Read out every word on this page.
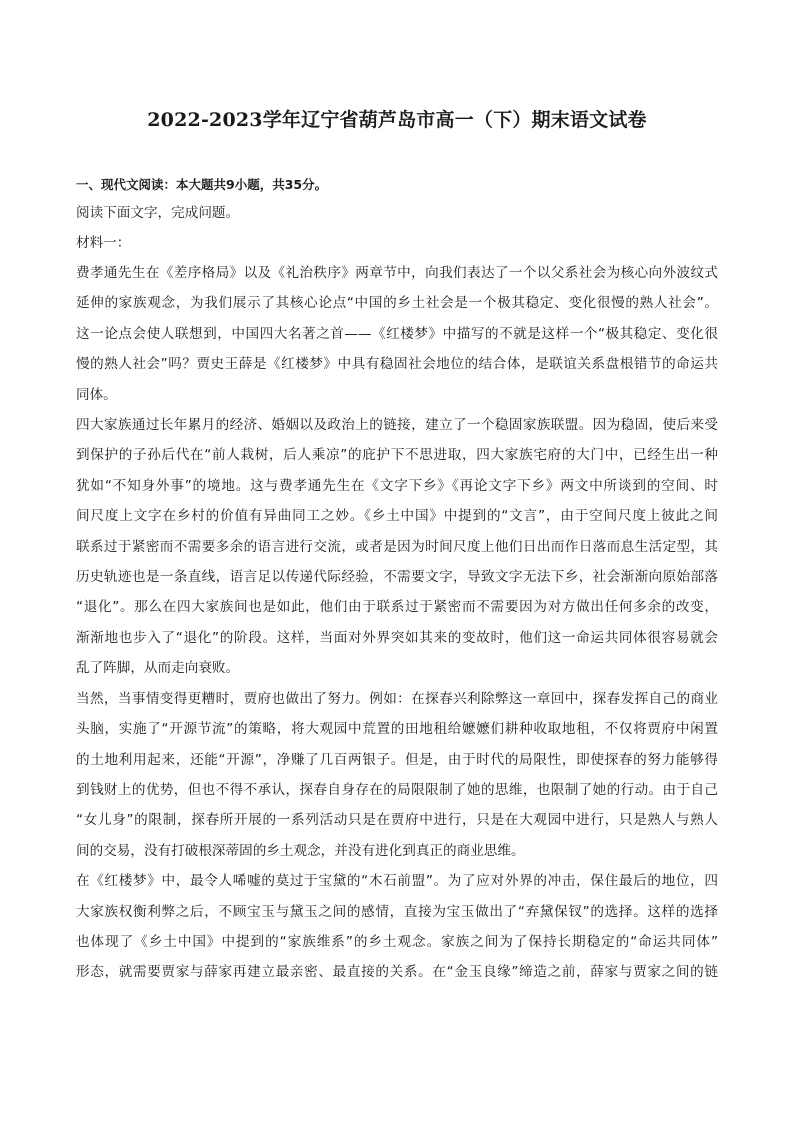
2022-2023学年辽宁省葫芦岛市高一（下）期末语文试卷

一、现代文阅读：本大题共9小题，共35分。

阅读下面文字，完成问题。

材料一：

费孝通先生在《差序格局》以及《礼治秩序》两章节中，向我们表达了一个以父系社会为核心向外波纹式

延伸的家族观念，为我们展示了其核心论点“中国的乡土社会是一个极其稳定、变化很慢的熟人社会”。

这一论点会使人联想到，中国四大名著之首——《红楼梦》中描写的不就是这样一个“极其稳定、变化很

慢的熟人社会”吗？贾史王薛是《红楼梦》中具有稳固社会地位的结合体，是联谊关系盘根错节的命运共

同体。

四大家族通过长年累月的经济、婚姻以及政治上的链接，建立了一个稳固家族联盟。因为稳固，使后来受

到保护的子孙后代在“前人栽树，后人乘凉”的庇护下不思进取，四大家族宅府的大门中，已经生出一种

犹如“不知身外事”的境地。这与费孝通先生在《文字下乡》《再论文字下乡》两文中所谈到的空间、时

间尺度上文字在乡村的价值有异曲同工之妙。《乡土中国》中提到的“文言”，由于空间尺度上彼此之间

联系过于紧密而不需要多余的语言进行交流，或者是因为时间尺度上他们日出而作日落而息生活定型，其

历史轨迹也是一条直线，语言足以传递代际经验，不需要文字，导致文字无法下乡，社会渐渐向原始部落

“退化”。那么在四大家族间也是如此，他们由于联系过于紧密而不需要因为对方做出任何多余的改变，

渐渐地也步入了“退化”的阶段。这样，当面对外界突如其来的变故时，他们这一命运共同体很容易就会

乱了阵脚，从而走向衰败。

当然，当事情变得更糟时，贾府也做出了努力。例如：在探春兴利除弊这一章回中，探春发挥自己的商业

头脑，实施了“开源节流”的策略，将大观园中荒置的田地租给嬷嬷们耕种收取地租，不仅将贾府中闲置

的土地利用起来，还能“开源”，净赚了几百两银子。但是，由于时代的局限性，即使探春的努力能够得

到钱财上的优势，但也不得不承认，探春自身存在的局限限制了她的思维，也限制了她的行动。由于自己

“女儿身”的限制，探春所开展的一系列活动只是在贾府中进行，只是在大观园中进行，只是熟人与熟人

间的交易，没有打破根深蒂固的乡土观念，并没有进化到真正的商业思维。

在《红楼梦》中，最令人唏嘘的莫过于宝黛的“木石前盟”。为了应对外界的冲击，保住最后的地位，四

大家族权衡利弊之后，不顾宝玉与黛玉之间的感情，直接为宝玉做出了“弃黛保钗”的选择。这样的选择

也体现了《乡土中国》中提到的“家族维系”的乡土观念。家族之间为了保持长期稳定的“命运共同体”

形态，就需要贾家与薛家再建立最亲密、最直接的关系。在“金玉良缘”缔造之前，薛家与贾家之间的链
